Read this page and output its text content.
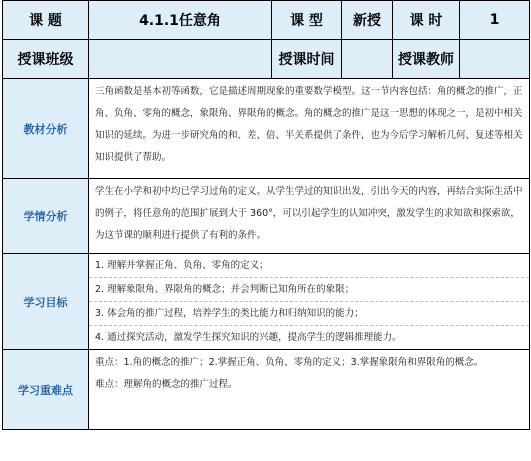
课 题	4.1.1任意角	课 型	新授	课 时	1
授课班级		授课时间		授课教师	
教材分析	三角函数是基本初等函数，它是描述周期现象的重要数学模型。这一节内容包括：角的概念的推广，正角、负角、零角的概念，象限角、界限角的概念。角的概念的推广是这一思想的体现之一，是初中相关知识的延续。为进一步研究角的和、差、倍、半关系提供了条件，也为今后学习解析几何、复述等相关知识提供了帮助。				
学情分析	学生在小学和初中均已学习过角的定义。从学生学过的知识出发，引出今天的内容，再结合实际生活中的例子，将任意角的范围扩展到大于 360°，可以引起学生的认知冲突，激发学生的求知欲和探索欲，为这节课的顺利进行提供了有利的条件。				
学习目标	1. 理解并掌握正角、负角、零角的定义；
2. 理解象限角、界限角的概念；并会判断已知角所在的象限；
3. 体会角的推广过程，培养学生的类比能力和归纳知识的能力；
4. 通过探究活动，激发学生探究知识的兴趣，提高学生的逻辑推理能力。				

学习重难点	重点：1.角的概念的推广；2.掌握正角、负角、零角的定义；3.掌握象限角和界限角的概念。

难点：理解角的概念的推广过程。				
